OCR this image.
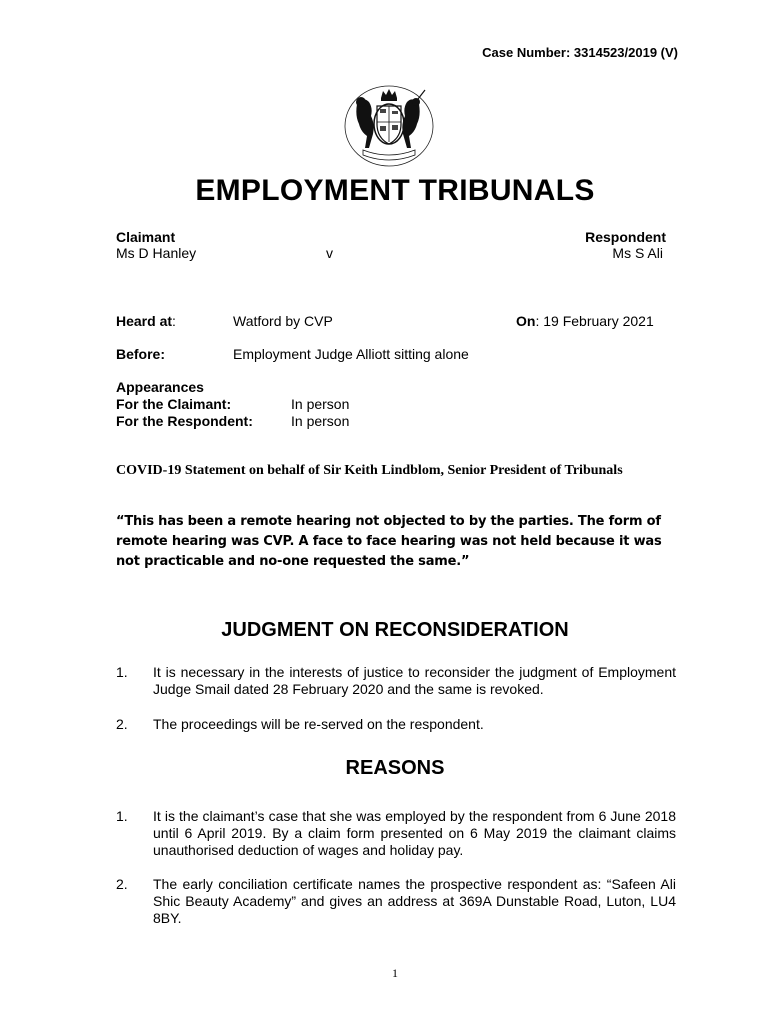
Case Number: 3314523/2019 (V)
EMPLOYMENT TRIBUNALS
Claimant
Ms D Hanley	v
Respondent
Ms S Ali
Heard at:	Watford by CVP	On: 19 February 2021
Before:	Employment Judge Alliott sitting alone
Appearances
For the Claimant:	In person
For the Respondent:	In person
COVID-19 Statement on behalf of Sir Keith Lindblom, Senior President of Tribunals
“This has been a remote hearing not objected to by the parties. The form of remote hearing was CVP. A face to face hearing was not held because it was not practicable and no-one requested the same.”
JUDGMENT ON RECONSIDERATION
1. It is necessary in the interests of justice to reconsider the judgment of Employment Judge Smail dated 28 February 2020 and the same is revoked.
2. The proceedings will be re-served on the respondent.
REASONS
1. It is the claimant’s case that she was employed by the respondent from 6 June 2018 until 6 April 2019. By a claim form presented on 6 May 2019 the claimant claims unauthorised deduction of wages and holiday pay.
2. The early conciliation certificate names the prospective respondent as: “Safeen Ali Shic Beauty Academy” and gives an address at 369A Dunstable Road, Luton, LU4 8BY.
1
